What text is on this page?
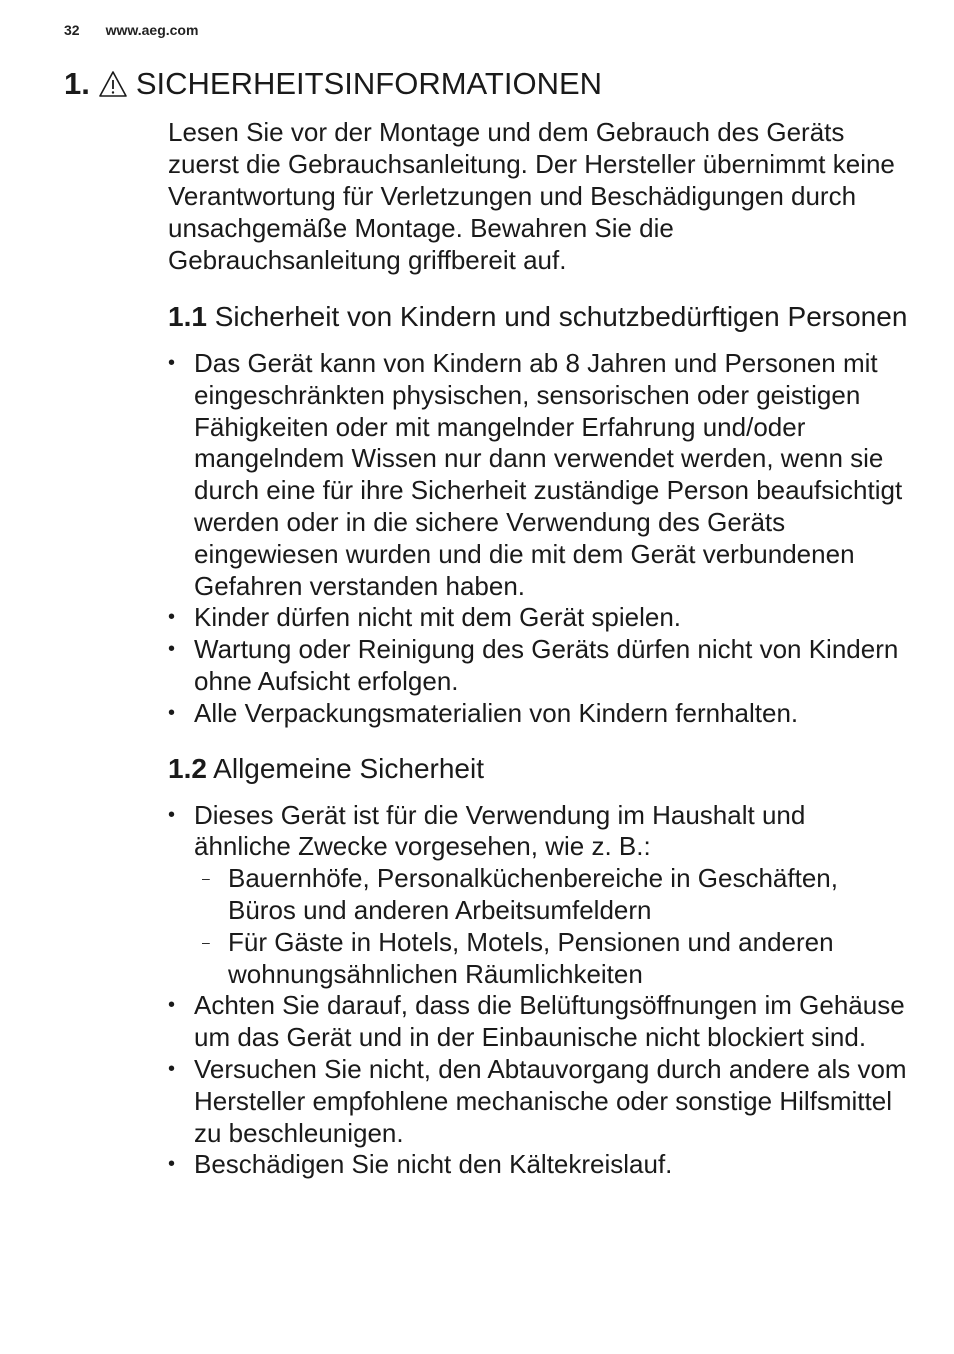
32 www.aeg.com
1. SICHERHEITSINFORMATIONEN

Lesen Sie vor der Montage und dem Gebrauch des Geräts zuerst die Gebrauchsanleitung. Der Hersteller übernimmt keine Verantwortung für Verletzungen und Beschädigungen durch unsachgemäße Montage. Bewahren Sie die Gebrauchsanleitung griffbereit auf.

1.1 Sicherheit von Kindern und schutzbedürftigen Personen
• Das Gerät kann von Kindern ab 8 Jahren und Personen mit eingeschränkten physischen, sensorischen oder geistigen Fähigkeiten oder mit mangelnder Erfahrung und/oder mangelndem Wissen nur dann verwendet werden, wenn sie durch eine für ihre Sicherheit zuständige Person beaufsichtigt werden oder in die sichere Verwendung des Geräts eingewiesen wurden und die mit dem Gerät verbundenen Gefahren verstanden haben.
• Kinder dürfen nicht mit dem Gerät spielen.
• Wartung oder Reinigung des Geräts dürfen nicht von Kindern ohne Aufsicht erfolgen.
• Alle Verpackungsmaterialien von Kindern fernhalten.
1.2 Allgemeine Sicherheit
• Dieses Gerät ist für die Verwendung im Haushalt und ähnliche Zwecke vorgesehen, wie z. B.:
– Bauernhöfe, Personalküchenbereiche in Geschäften, Büros und anderen Arbeitsumfeldern
– Für Gäste in Hotels, Motels, Pensionen und anderen wohnungsähnlichen Räumlichkeiten
• Achten Sie darauf, dass die Belüftungsöffnungen im Gehäuse um das Gerät und in der Einbaunische nicht blockiert sind.
• Versuchen Sie nicht, den Abtauvorgang durch andere als vom Hersteller empfohlene mechanische oder sonstige Hilfsmittel zu beschleunigen.
• Beschädigen Sie nicht den Kältekreislauf.
